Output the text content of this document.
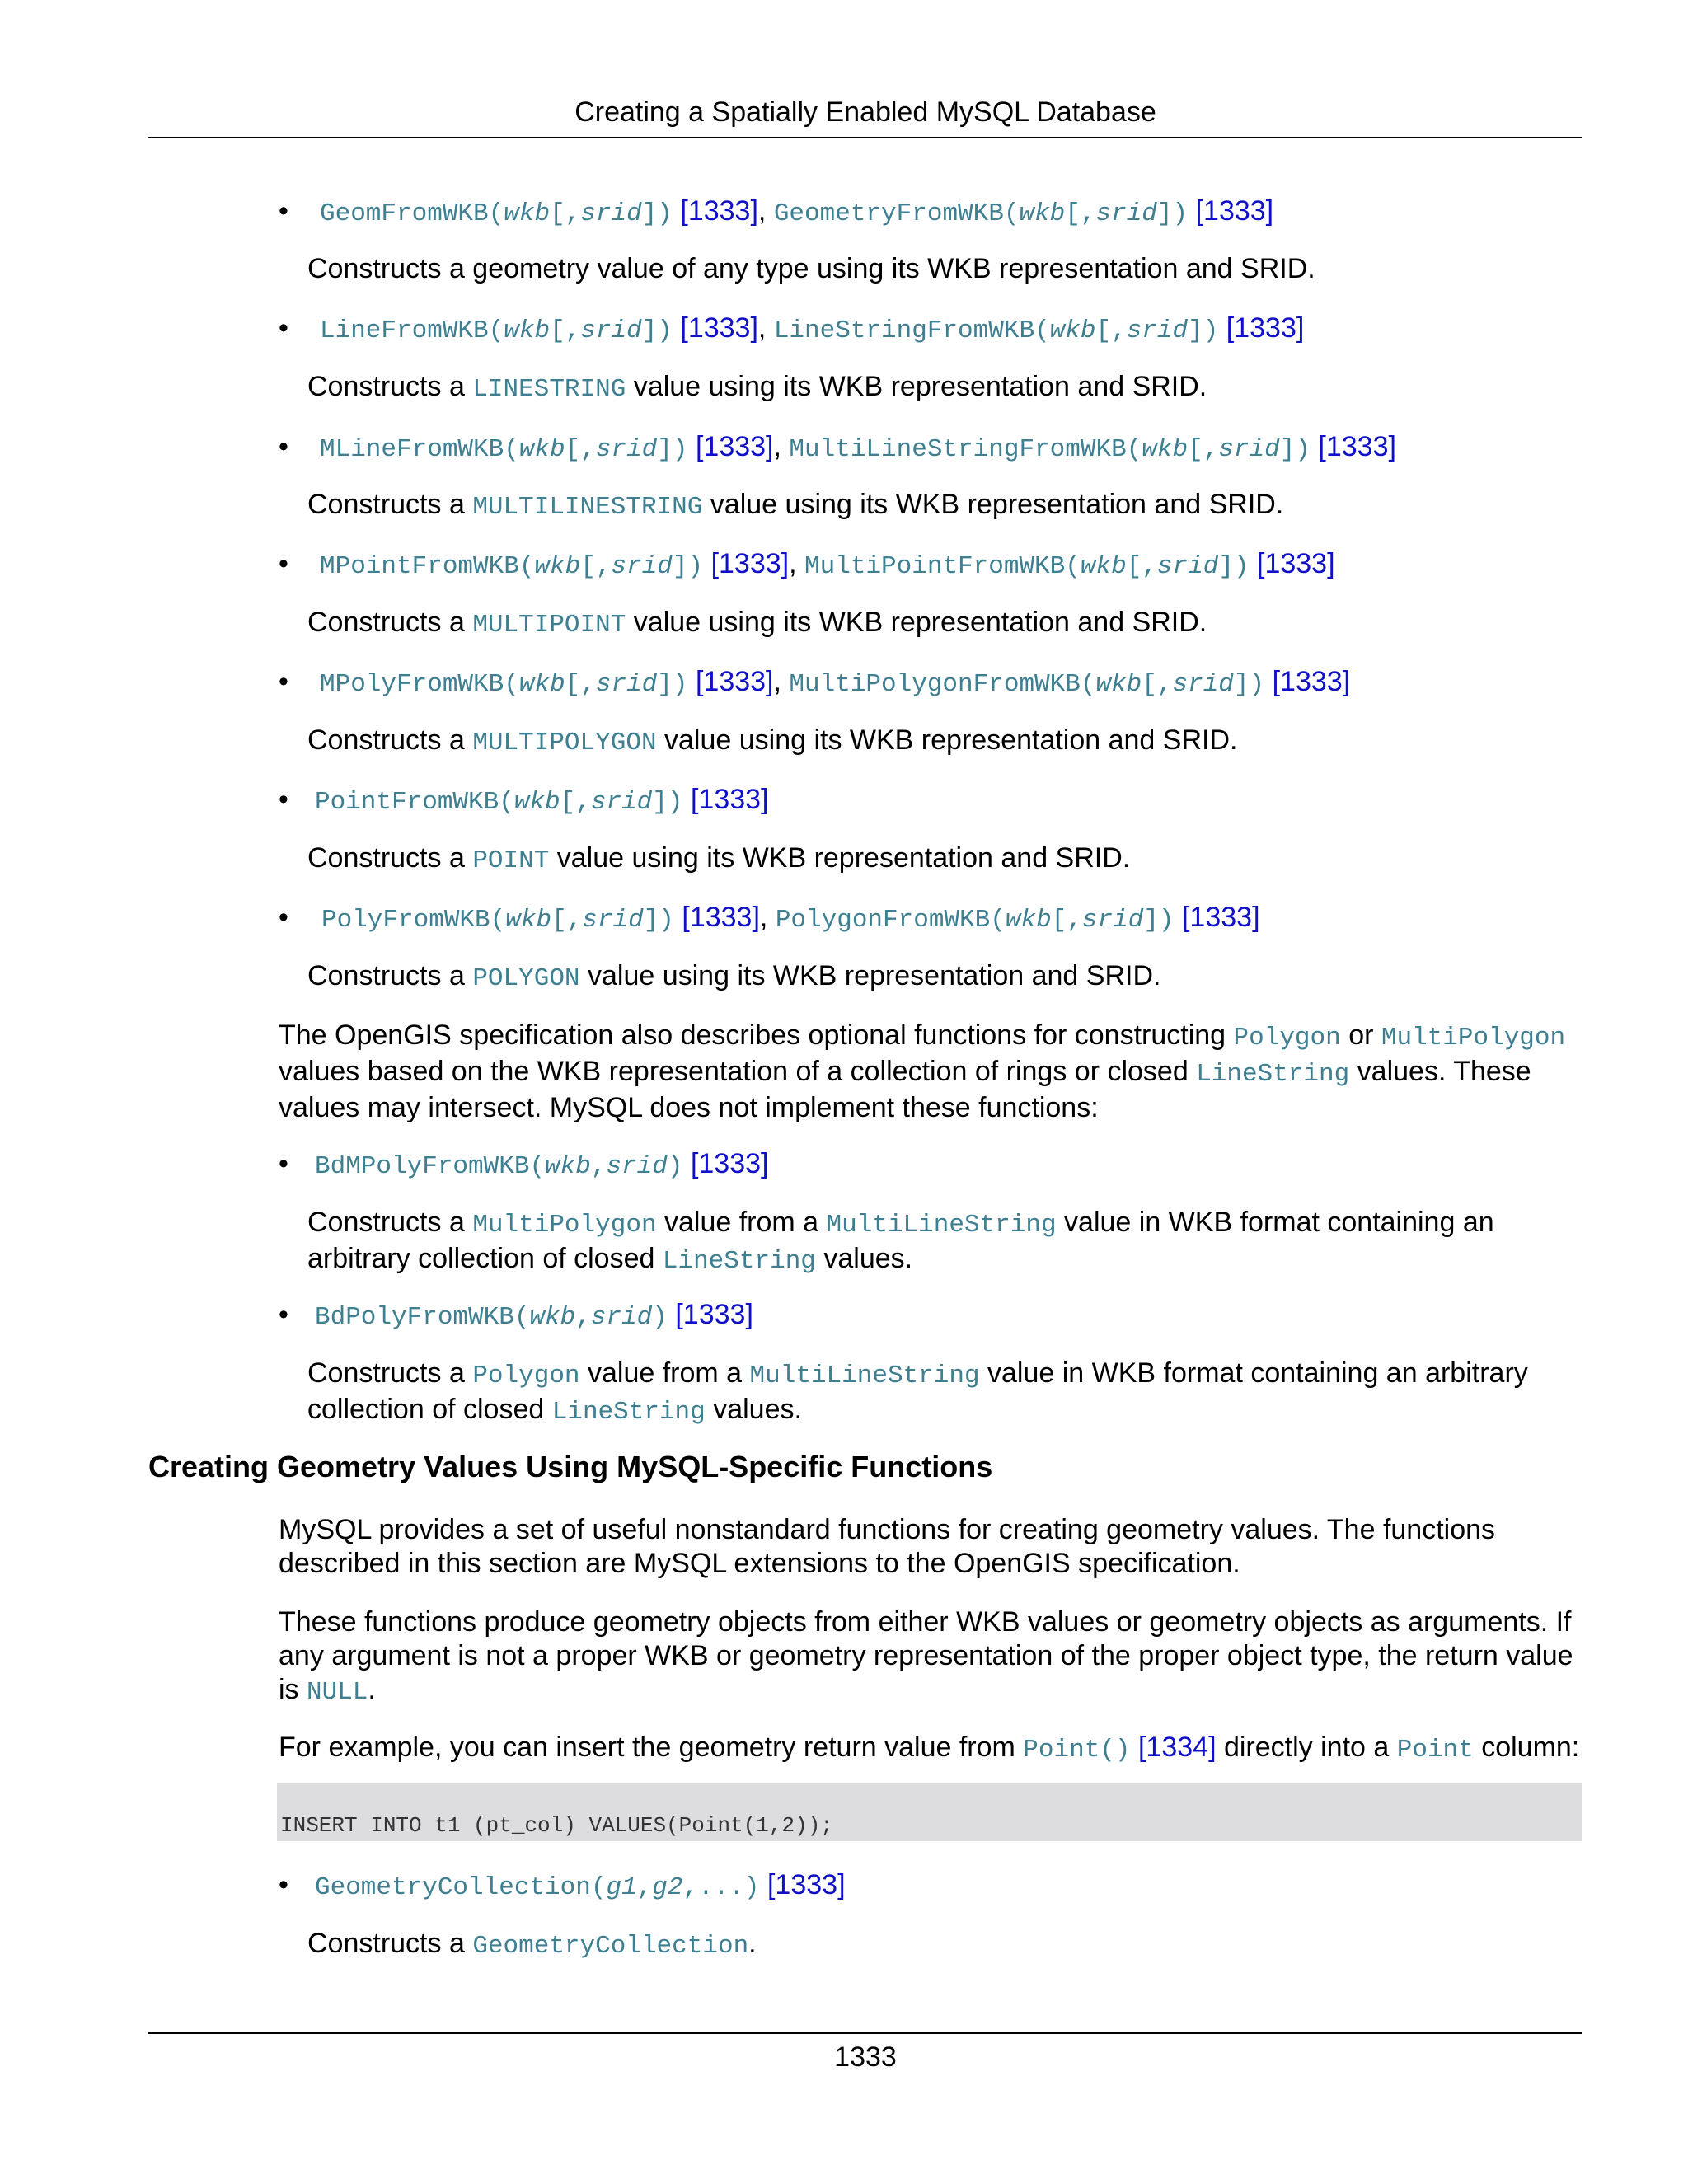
Creating a Spatially Enabled MySQL Database
• GeomFromWKB(wkb[,srid]) [1333], GeometryFromWKB(wkb[,srid]) [1333]
Constructs a geometry value of any type using its WKB representation and SRID.
• LineFromWKB(wkb[,srid]) [1333], LineStringFromWKB(wkb[,srid]) [1333]
Constructs a LINESTRING value using its WKB representation and SRID.
• MLineFromWKB(wkb[,srid]) [1333], MultiLineStringFromWKB(wkb[,srid]) [1333]
Constructs a MULTILINESTRING value using its WKB representation and SRID.
• MPointFromWKB(wkb[,srid]) [1333], MultiPointFromWKB(wkb[,srid]) [1333]
Constructs a MULTIPOINT value using its WKB representation and SRID.
• MPolyFromWKB(wkb[,srid]) [1333], MultiPolygonFromWKB(wkb[,srid]) [1333]
Constructs a MULTIPOLYGON value using its WKB representation and SRID.
• PointFromWKB(wkb[,srid]) [1333]
Constructs a POINT value using its WKB representation and SRID.
• PolyFromWKB(wkb[,srid]) [1333], PolygonFromWKB(wkb[,srid]) [1333]
Constructs a POLYGON value using its WKB representation and SRID.
The OpenGIS specification also describes optional functions for constructing Polygon or MultiPolygon values based on the WKB representation of a collection of rings or closed LineString values. These values may intersect. MySQL does not implement these functions:
• BdMPolyFromWKB(wkb,srid) [1333]
Constructs a MultiPolygon value from a MultiLineString value in WKB format containing an arbitrary collection of closed LineString values.
• BdPolyFromWKB(wkb,srid) [1333]
Constructs a Polygon value from a MultiLineString value in WKB format containing an arbitrary collection of closed LineString values.
Creating Geometry Values Using MySQL-Specific Functions
MySQL provides a set of useful nonstandard functions for creating geometry values. The functions described in this section are MySQL extensions to the OpenGIS specification.
These functions produce geometry objects from either WKB values or geometry objects as arguments. If any argument is not a proper WKB or geometry representation of the proper object type, the return value is NULL.
For example, you can insert the geometry return value from Point() [1334] directly into a Point column:
INSERT INTO t1 (pt_col) VALUES(Point(1,2));
• GeometryCollection(g1,g2,...) [1333]
Constructs a GeometryCollection.
1333
